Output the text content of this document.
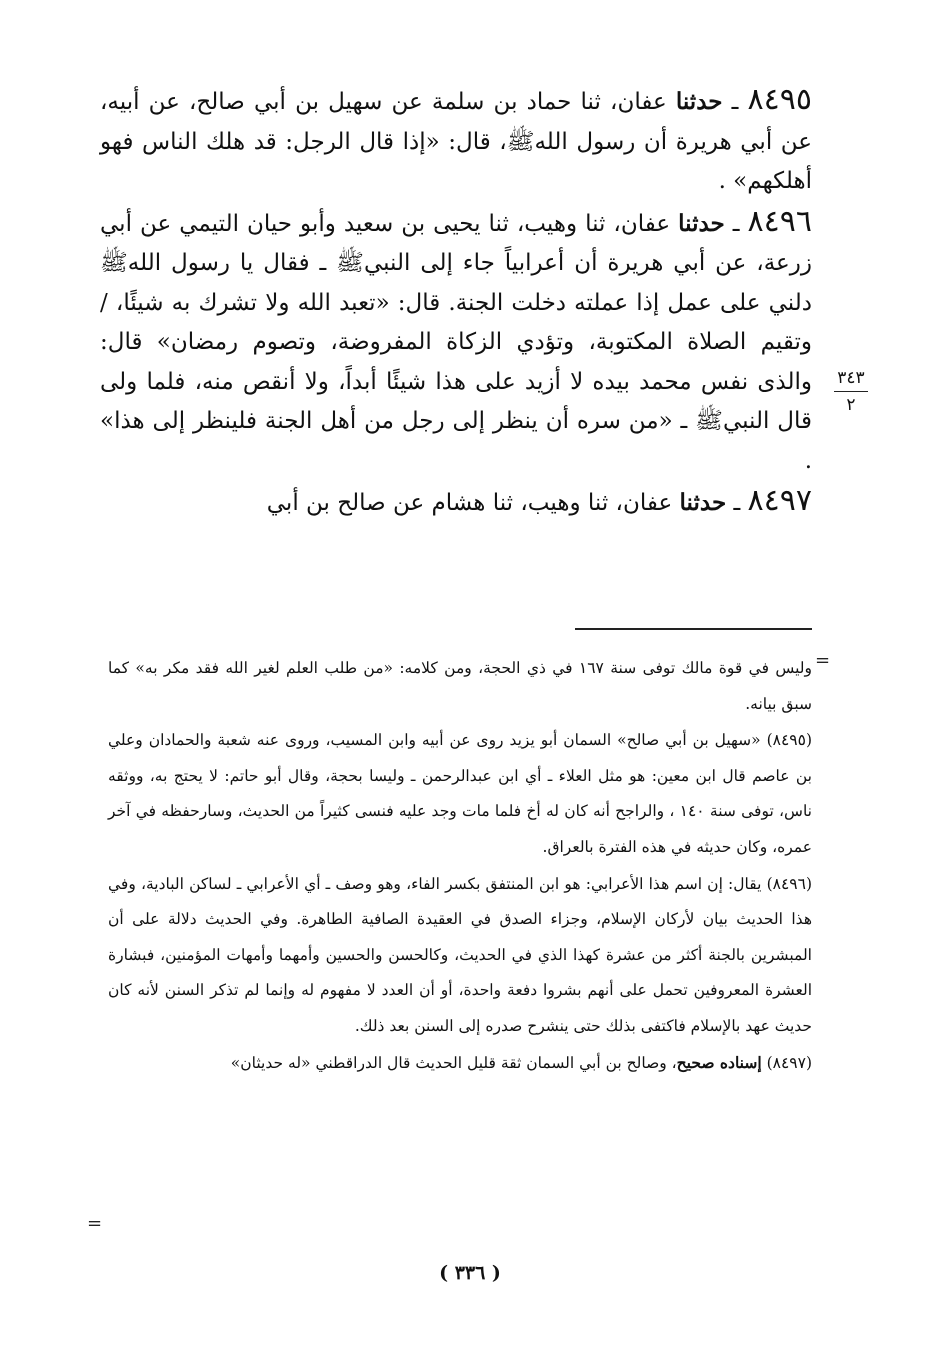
٨٤٩٥ ـ حدثنا عفان، ثنا حماد بن سلمة عن سهيل بن أبي صالح، عن أبيه، عن أبي هريرة أن رسول اللهﷺ، قال: «إذا قال الرجل: قد هلك الناس فهو أهلكهم» .

٨٤٩٦ ـ حدثنا عفان، ثنا وهيب، ثنا يحيى بن سعيد وأبو حيان التيمي عن أبي زرعة، عن أبي هريرة أن أعرابياً جاء إلى النبيﷺ ـ فقال يا رسول اللهﷺ دلني على عمل إذا عملته دخلت الجنة. قال: «تعبد الله ولا تشرك به شيئًا، /وتقيم الصلاة المكتوبة، وتؤدي الزكاة المفروضة، وتصوم رمضان» قال: والذى نفس محمد بيده لا أزيد على هذا شيئًا أبداً، ولا أنقص منه، فلما ولى قال النبيﷺ ـ «من سره أن ينظر إلى رجل من أهل الجنة فلينظر إلى هذا» .

٨٤٩٧ ـ حدثنا عفان، ثنا وهيب، ثنا هشام عن صالح بن أبي

٣٤٣
٢
=

وليس في قوة مالك توفى سنة ١٦٧ في ذي الحجة، ومن كلامه: «من طلب العلم لغير الله فقد مكر به» كما سبق بيانه.

(٨٤٩٥) «سهيل بن أبي صالح» السمان أبو يزيد روى عن أبيه وابن المسيب، وروى عنه شعبة والحمادان وعلي بن عاصم قال ابن معين: هو مثل العلاء ـ أي ابن عبدالرحمن ـ وليسا بحجة، وقال أبو حاتم: لا يحتج به، ووثقه ناس، توفى سنة ١٤٠ ، والراجح أنه كان له أخ فلما مات وجد عليه فنسى كثيراً من الحديث، وسارحفظه في آخر عمره، وكان حديثه في هذه الفترة بالعراق.

(٨٤٩٦) يقال: إن اسم هذا الأعرابي: هو ابن المنتفق بكسر الفاء، وهو وصف ـ أي الأعرابي ـ لساكن البادية، وفي هذا الحديث بيان لأركان الإسلام، وجزاء الصدق في العقيدة الصافية الطاهرة. وفي الحديث دلالة على أن المبشرين بالجنة أكثر من عشرة كهذا الذي في الحديث، وكالحسن والحسين وأمهما وأمهات المؤمنين، فبشارة العشرة المعروفين تحمل على أنهم بشروا دفعة واحدة، أو أن العدد لا مفهوم له وإنما لم تذكر السنن لأنه كان حديث عهد بالإسلام فاكتفى بذلك حتى ينشرح صدره إلى السنن بعد ذلك.

(٨٤٩٧) إسناده صحيح، وصالح بن أبي السمان ثقة قليل الحديث قال الدراقطني «له حديثان»

=
( ٣٣٦ )
